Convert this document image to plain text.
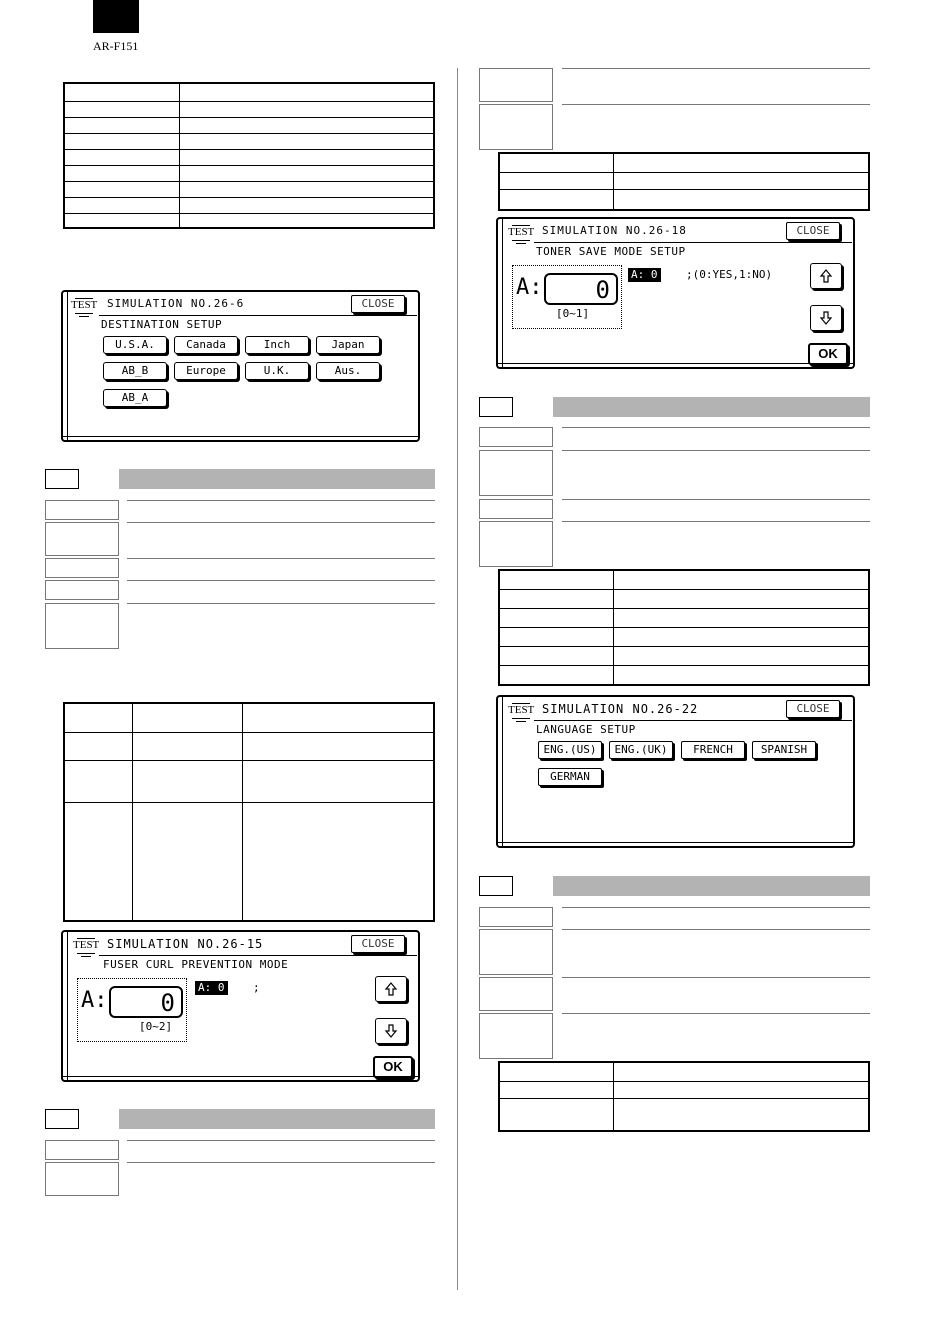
AR-F151
TEST SIMULATION NO.26-6	CLOSE
DESTINATION SETUP
U.S.A.	Canada	Inch	Japan
AB_B	Europe	U.K.	Aus.
AB_A
TEST SIMULATION NO.26-15	CLOSE
FUSER CURL PREVENTION MODE
A:	0
[0~2]
A: 0	;
OK
TEST SIMULATION NO.26-18	CLOSE
TONER SAVE MODE SETUP
A:	0
[0~1]
A: 0	;(0:YES,1:NO)
OK
TEST SIMULATION NO.26-22	CLOSE
LANGUAGE SETUP
ENG.(US)	ENG.(UK)	FRENCH	SPANISH
GERMAN
